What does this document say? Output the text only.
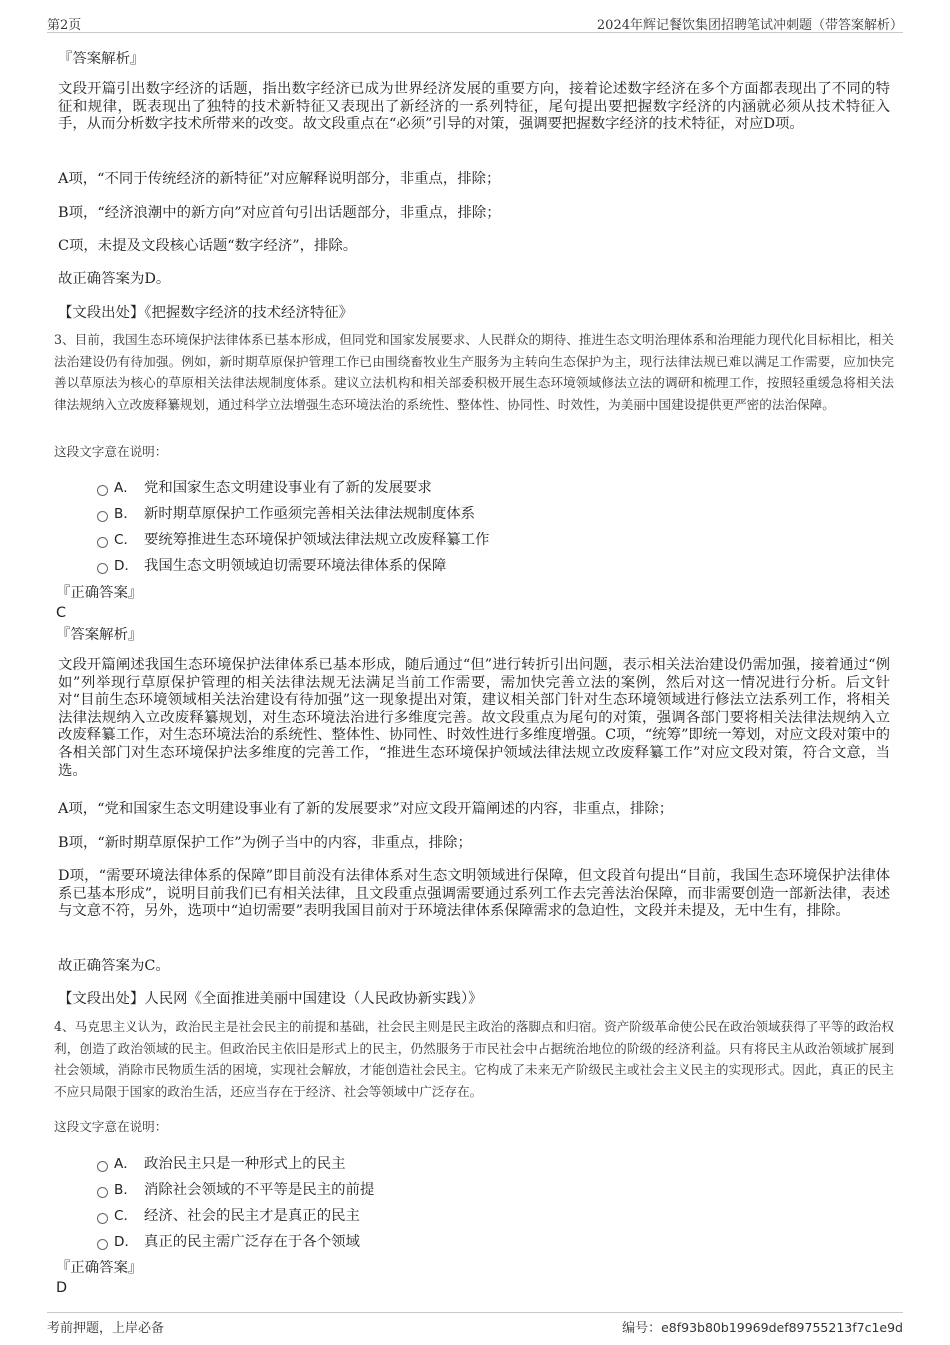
第2页	2024年辉记餐饮集团招聘笔试冲刺题（带答案解析）
『答案解析』

文段开篇引出数字经济的话题，指出数字经济已成为世界经济发展的重要方向，接着论述数字经济在多个方面都表现出了不同的特征和规律，既表现出了独特的技术新特征又表现出了新经济的一系列特征，尾句提出要把握数字经济的内涵就必须从技术特征入手，从而分析数字技术所带来的改变。故文段重点在“必须”引导的对策，强调要把握数字经济的技术特征，对应D项。

A项，“不同于传统经济的新特征”对应解释说明部分，非重点，排除；

B项，“经济浪潮中的新方向”对应首句引出话题部分，非重点，排除；

C项，未提及文段核心话题“数字经济”，排除。

故正确答案为D。

【文段出处】《把握数字经济的技术经济特征》

3、目前，我国生态环境保护法律体系已基本形成，但同党和国家发展要求、人民群众的期待、推进生态文明治理体系和治理能力现代化目标相比，相关法治建设仍有待加强。例如，新时期草原保护管理工作已由围绕畜牧业生产服务为主转向生态保护为主，现行法律法规已难以满足工作需要，应加快完善以草原法为核心的草原相关法律法规制度体系。建议立法机构和相关部委积极开展生态环境领域修法立法的调研和梳理工作，按照轻重缓急将相关法律法规纳入立改废释纂规划，通过科学立法增强生态环境法治的系统性、整体性、协同性、时效性，为美丽中国建设提供更严密的法治保障。

这段文字意在说明：

A． 党和国家生态文明建设事业有了新的发展要求
B． 新时期草原保护工作亟须完善相关法律法规制度体系
C． 要统筹推进生态环境保护领域法律法规立改废释纂工作
D． 我国生态文明领域迫切需要环境法律体系的保障
『正确答案』
C
『答案解析』

文段开篇阐述我国生态环境保护法律体系已基本形成，随后通过“但”进行转折引出问题，表示相关法治建设仍需加强，接着通过“例如”列举现行草原保护管理的相关法律法规无法满足当前工作需要，需加快完善立法的案例，然后对这一情况进行分析。后文针对“目前生态环境领域相关法治建设有待加强”这一现象提出对策，建议相关部门针对生态环境领域进行修法立法系列工作，将相关法律法规纳入立改废释纂规划，对生态环境法治进行多维度完善。故文段重点为尾句的对策，强调各部门要将相关法律法规纳入立改废释纂工作，对生态环境法治的系统性、整体性、协同性、时效性进行多维度增强。C项，“统筹”即统一筹划，对应文段对策中的各相关部门对生态环境保护法多维度的完善工作，“推进生态环境保护领域法律法规立改废释纂工作”对应文段对策，符合文意，当选。

A项，“党和国家生态文明建设事业有了新的发展要求”对应文段开篇阐述的内容，非重点，排除；

B项，“新时期草原保护工作”为例子当中的内容，非重点，排除；

D项，“需要环境法律体系的保障”即目前没有法律体系对生态文明领域进行保障，但文段首句提出“目前，我国生态环境保护法律体系已基本形成”，说明目前我们已有相关法律，且文段重点强调需要通过系列工作去完善法治保障，而非需要创造一部新法律，表述与文意不符，另外，选项中“迫切需要”表明我国目前对于环境法律体系保障需求的急迫性，文段并未提及，无中生有，排除。

故正确答案为C。

【文段出处】人民网《全面推进美丽中国建设（人民政协新实践）》

4、马克思主义认为，政治民主是社会民主的前提和基础，社会民主则是民主政治的落脚点和归宿。资产阶级革命使公民在政治领域获得了平等的政治权利，创造了政治领域的民主。但政治民主依旧是形式上的民主，仍然服务于市民社会中占据统治地位的阶级的经济利益。只有将民主从政治领域扩展到社会领域，消除市民物质生活的困境，实现社会解放，才能创造社会民主。它构成了未来无产阶级民主或社会主义民主的实现形式。因此，真正的民主不应只局限于国家的政治生活，还应当存在于经济、社会等领域中广泛存在。

这段文字意在说明：

A． 政治民主只是一种形式上的民主
B． 消除社会领域的不平等是民主的前提
C． 经济、社会的民主才是真正的民主
D． 真正的民主需广泛存在于各个领域
『正确答案』
D
考前押题，上岸必备	编号：e8f93b80b19969def89755213f7c1e9d
